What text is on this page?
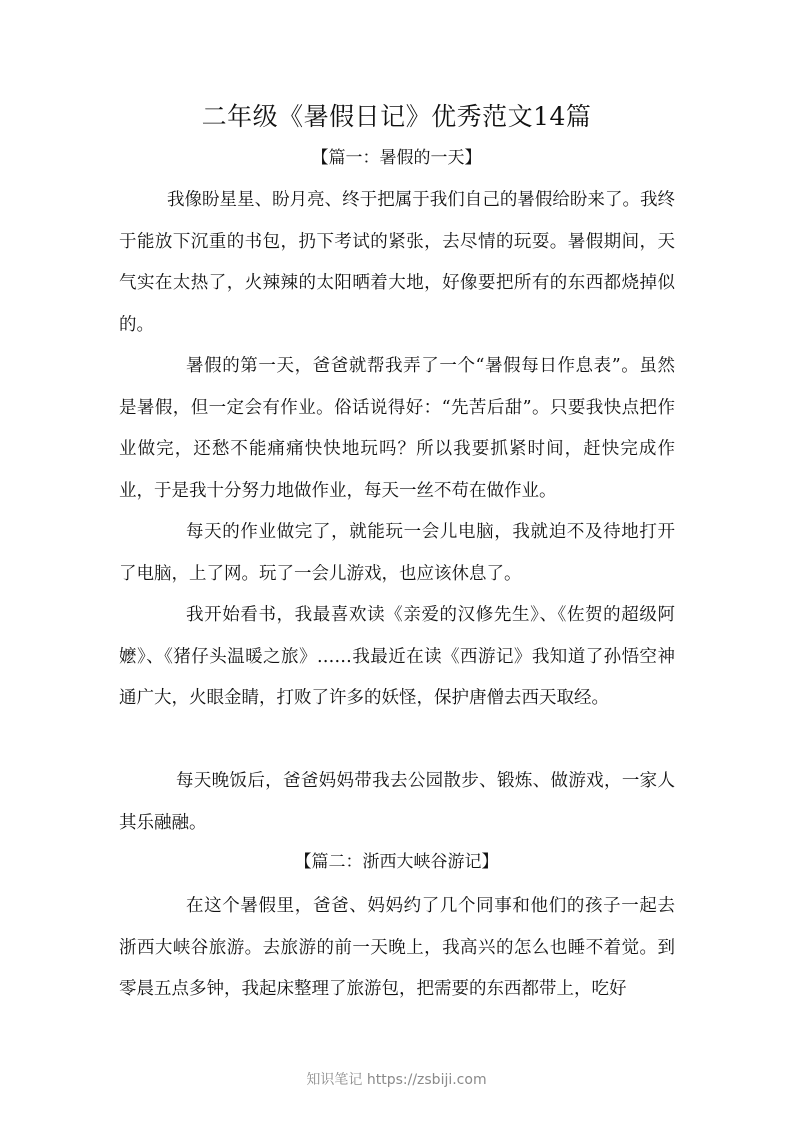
二年级《暑假日记》优秀范文14篇
【篇一：暑假的一天】

我像盼星星、盼月亮、终于把属于我们自己的暑假给盼来了。我终于能放下沉重的书包，扔下考试的紧张，去尽情的玩耍。暑假期间，天气实在太热了，火辣辣的太阳晒着大地，好像要把所有的东西都烧掉似的。

暑假的第一天，爸爸就帮我弄了一个“暑假每日作息表”。虽然是暑假，但一定会有作业。俗话说得好：“先苦后甜”。只要我快点把作业做完，还愁不能痛痛快快地玩吗？所以我要抓紧时间，赶快完成作业，于是我十分努力地做作业，每天一丝不苟在做作业。

每天的作业做完了，就能玩一会儿电脑，我就迫不及待地打开了电脑，上了网。玩了一会儿游戏，也应该休息了。

我开始看书，我最喜欢读《亲爱的汉修先生》、《佐贺的超级阿嬷》、《猪仔头温暖之旅》……我最近在读《西游记》我知道了孙悟空神通广大，火眼金睛，打败了许多的妖怪，保护唐僧去西天取经。

每天晚饭后，爸爸妈妈带我去公园散步、锻炼、做游戏，一家人其乐融融。

【篇二：浙西大峡谷游记】

在这个暑假里，爸爸、妈妈约了几个同事和他们的孩子一起去浙西大峡谷旅游。去旅游的前一天晚上，我高兴的怎么也睡不着觉。到零晨五点多钟，我起床整理了旅游包，把需要的东西都带上，吃好

知识笔记 https://zsbiji.com
